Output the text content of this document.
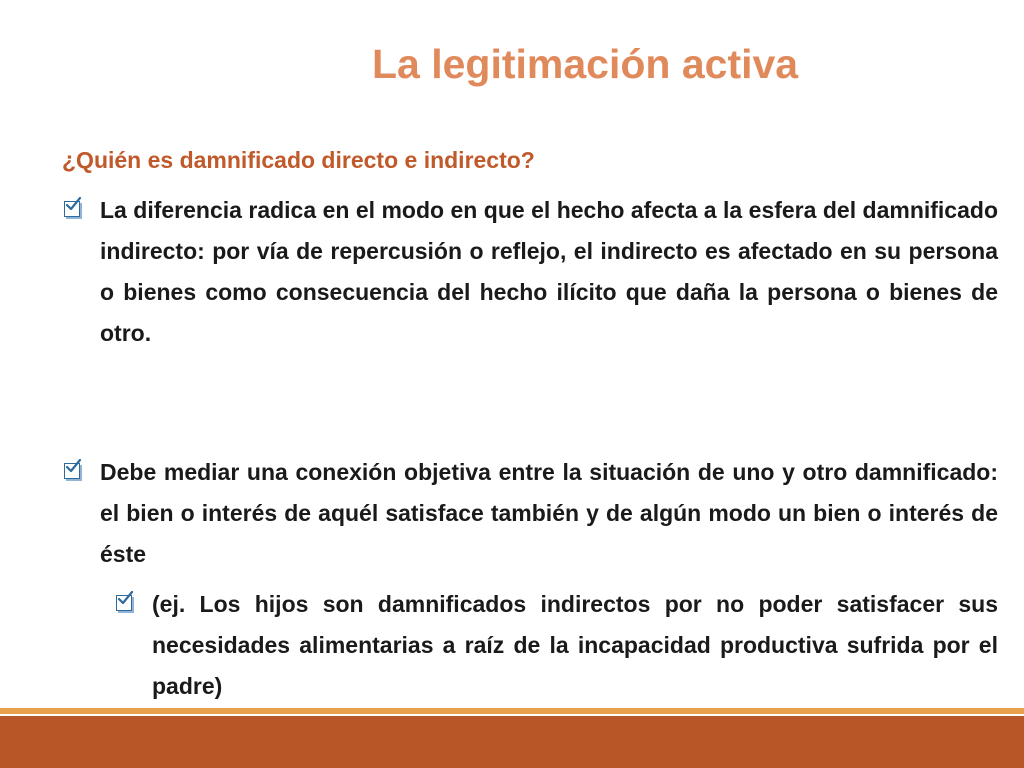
La legitimación activa

¿Quién es damnificado directo e indirecto?

La diferencia radica en el modo en que el hecho afecta a la esfera del damnificado indirecto: por vía de repercusión o reflejo, el indirecto es afectado en su persona o bienes como consecuencia del hecho ilícito que daña la persona o bienes de otro.

Debe mediar una conexión objetiva entre la situación de uno y otro damnificado: el bien o interés de aquél satisface también y de algún modo un bien o interés de éste

(ej. Los hijos son damnificados indirectos por no poder satisfacer sus necesidades alimentarias a raíz de la incapacidad productiva sufrida por el padre)
